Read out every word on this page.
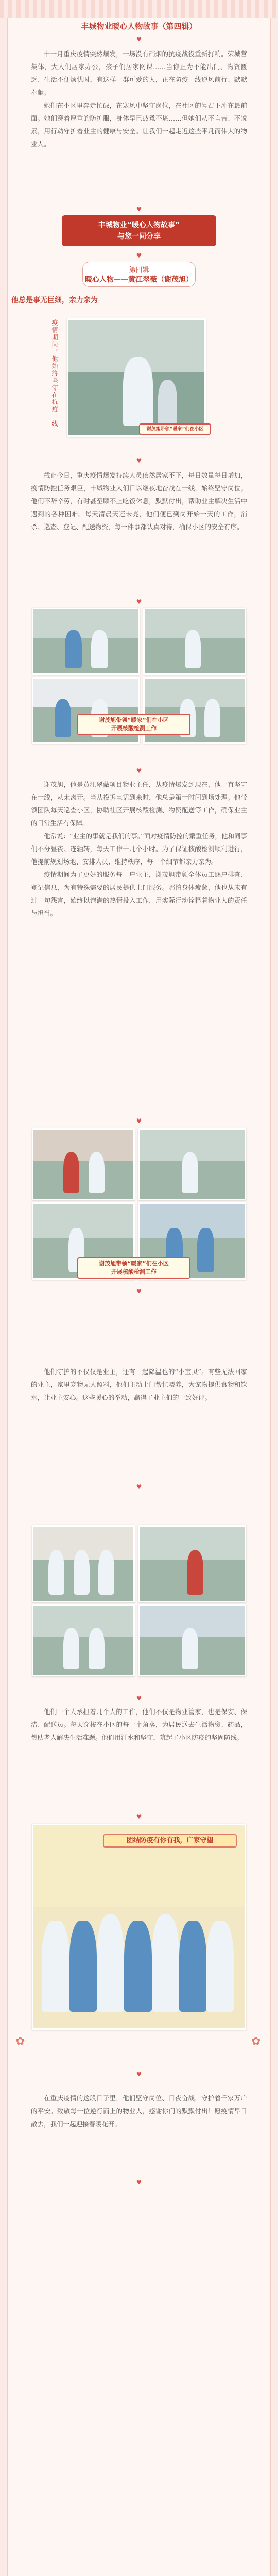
丰城物业暖心人物故事（第四辑）
♥

十一月重庆疫情突然爆发，一场没有硝烟的抗疫战役重新打响。荣城营集体，大人们居家办公，孩子们居家网课……当你正为不能出门、物资匮乏、生活不便烦忧时，有这样一群可爱的人，正在防疫一线逆风前行、默默奉献。

她们在小区里奔走忙碌，在寒风中坚守岗位，在社区的号召下冲在最前面。她们穿着厚重的防护服，身体早已疲惫不堪……但她们从不言苦、不说累，用行动守护着业主的健康与安全。让我们一起走近这些平凡而伟大的物业人。

♥
丰城物业“暖心人物故事”
与您一同分享
♥
第四辑
暖心人物——黄江翠薇（谢茂旭）
他总是事无巨细，亲力亲为
疫情期间，他始终坚守在抗疫一线
谢茂旭带领“暖家”们在小区
♥

截止今日，重庆疫情爆发持续人员依然居家不下，每日数量每日增加，疫情防控任务艰巨，丰城物业人们日以继夜地奋战在一线，始终坚守岗位。他们不辞辛劳，有时甚至顾不上吃饭休息，默默付出，帮助业主解决生活中遇到的各种困难。每天清晨天还未亮，他们便已到岗开始一天的工作，消杀、巡查、登记、配送物资，每一件事都认真对待，确保小区的安全有序。

♥
谢茂旭带领“暖家”们在小区
开展核酸检测工作
♥

谢茂旭，他是黄江翠薇项目物业主任，从疫情爆发到现在，他一直坚守在一线，从未离开。当从投诉电话到来时，他总是第一时间到场处理。他带领团队每天巡查小区，协助社区开展核酸检测、物资配送等工作，确保业主的日常生活有保障。

他常说：“业主的事就是我们的事。”面对疫情防控的繁重任务，他和同事们不分昼夜、连轴转，每天工作十几个小时。为了保证核酸检测顺利进行，他提前规划场地、安排人员、维持秩序，每一个细节都亲力亲为。

疫情期间为了更好的服务每一户业主，谢茂旭带领全体员工逐户排查、登记信息，为有特殊需要的居民提供上门服务。哪怕身体疲惫，他也从未有过一句怨言，始终以饱满的热情投入工作，用实际行动诠释着物业人的责任与担当。

♥
谢茂旭带领“暖家”们在小区
开展核酸检测工作
♥

他们守护的不仅仅是业主，还有一起降温也的“小宝贝”。有些无法回家的业主，家里宠物无人照料，他们主动上门帮忙喂养，为宠物提供食物和饮水，让业主安心。这些暖心的举动，赢得了业主们的一致好评。

♥
♥

他们一个人承担着几个人的工作，他们不仅是物业管家，也是保安、保洁、配送员。每天穿梭在小区的每一个角落，为居民送去生活物资、药品，帮助老人解决生活难题。他们用汗水和坚守，筑起了小区防疫的坚固防线。

♥
团结防疫有你有我，广家守望
✿	✿
♥

在重庆疫情的这段日子里，他们坚守岗位、日夜奋战，守护着千家万户的平安。致敬每一位逆行而上的物业人，感谢你们的默默付出！愿疫情早日散去，我们一起迎接春暖花开。

♥
